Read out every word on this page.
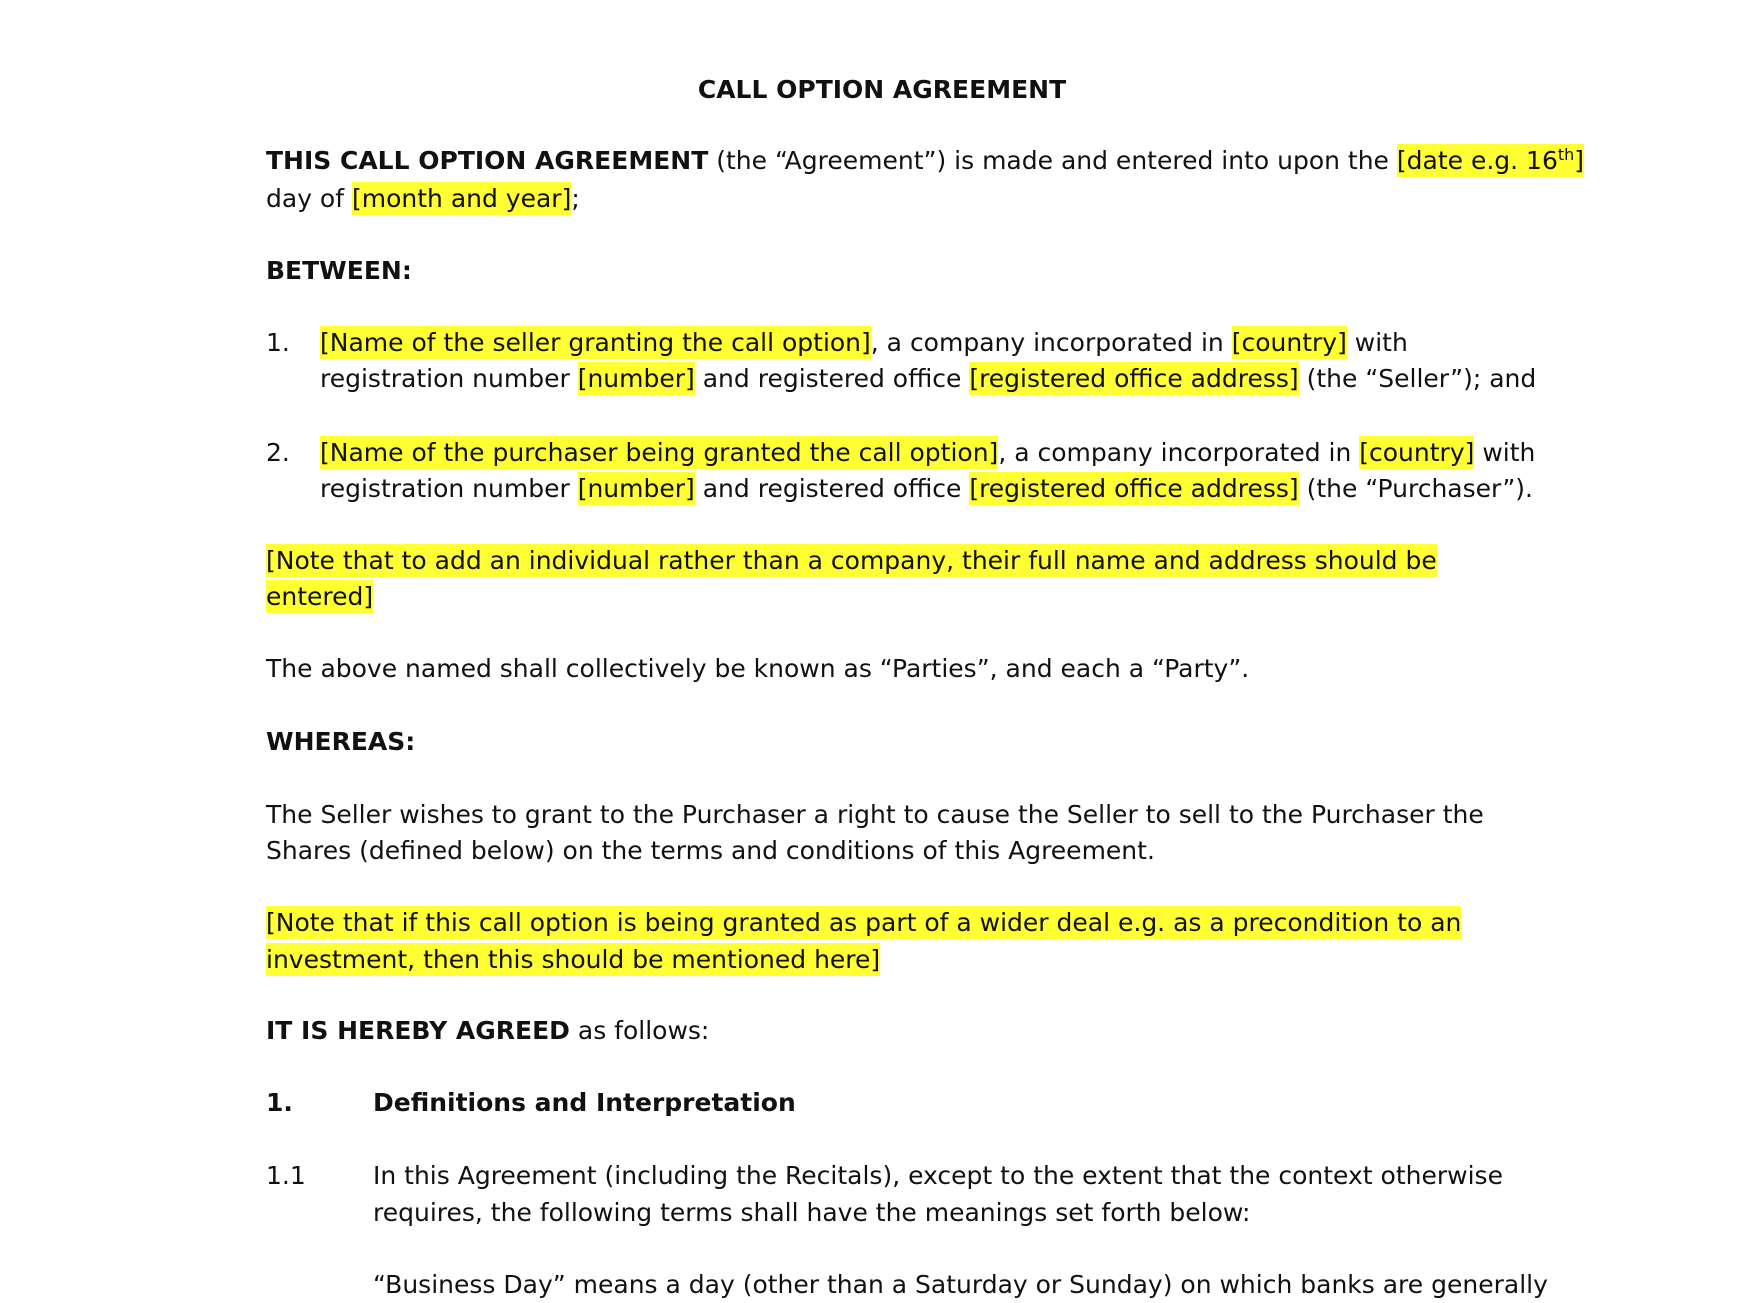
CALL OPTION AGREEMENT
THIS CALL OPTION AGREEMENT (the “Agreement”) is made and entered into upon the [date e.g. 16th]
day of [month and year];
BETWEEN:
1. [Name of the seller granting the call option], a company incorporated in [country] with
registration number [number] and registered office [registered office address] (the “Seller”); and
2. [Name of the purchaser being granted the call option], a company incorporated in [country] with
registration number [number] and registered office [registered office address] (the “Purchaser”).
[Note that to add an individual rather than a company, their full name and address should be
entered]
The above named shall collectively be known as “Parties”, and each a “Party”.
WHEREAS:
The Seller wishes to grant to the Purchaser a right to cause the Seller to sell to the Purchaser the
Shares (defined below) on the terms and conditions of this Agreement.
[Note that if this call option is being granted as part of a wider deal e.g. as a precondition to an
investment, then this should be mentioned here]
IT IS HEREBY AGREED as follows:
1.	Definitions and Interpretation
1.1	In this Agreement (including the Recitals), except to the extent that the context otherwise
requires, the following terms shall have the meanings set forth below:
“Business Day” means a day (other than a Saturday or Sunday) on which banks are generally
